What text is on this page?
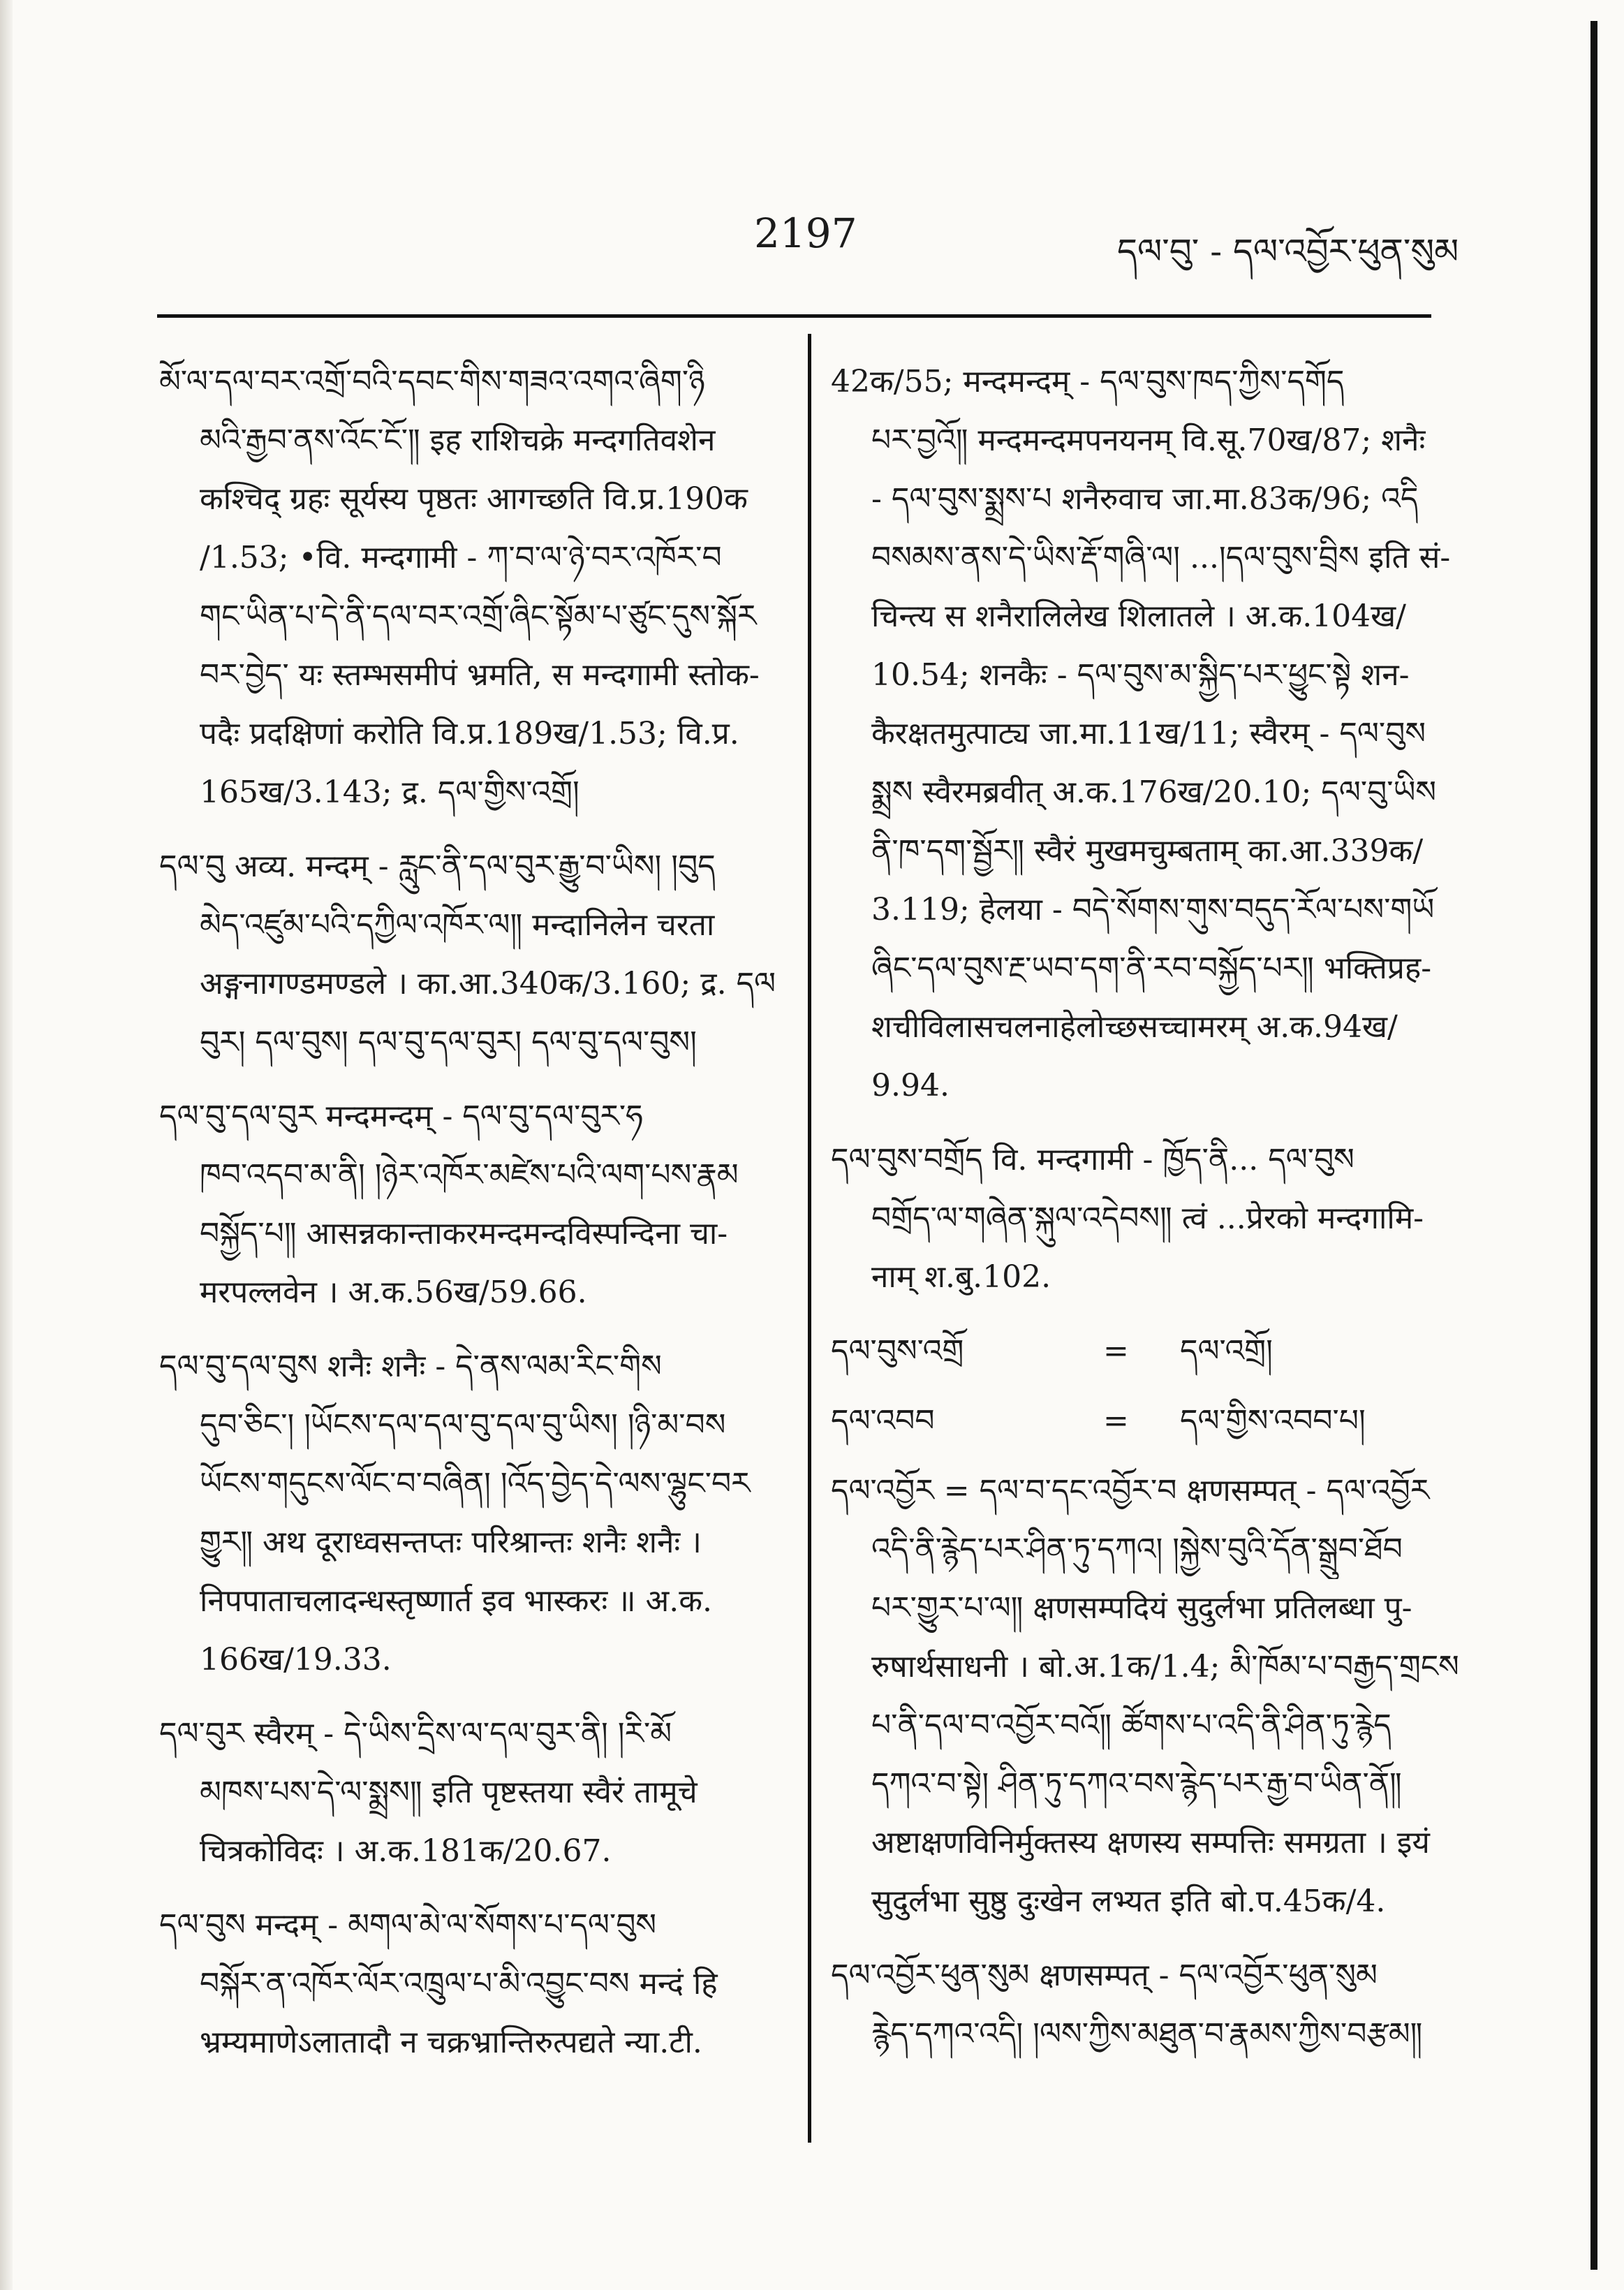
2197	དལ་བུ་ - དལ་འབྱོར་ཕུན་སུམ
མོ་ལ་དལ་བར་འགྲོ་བའི་དབང་གིས་གཟའ་འགའ་ཞིག་ཉི
མའི་རྒྱབ་ནས་འོང་ངོ་༎ इह राशिचक्रे मन्दगतिवशेन
कश्चिद् ग्रहः सूर्यस्य पृष्ठतः आगच्छति वि.प्र.190क
/1.53; •वि. मन्दगामी - ཀ་བ་ལ་ཉེ་བར་འཁོར་བ
གང་ཡིན་པ་དེ་ནི་དལ་བར་འགྲོ་ཞིང་སྟོམ་པ་ཙུང་དུས་སྐོར
བར་བྱེད་ यः स्तम्भसमीपं भ्रमति, स मन्दगामी स्तोक-
पदैः प्रदक्षिणां करोति वि.प्र.189ख/1.53; वि.प्र.
165ख/3.143; द्र. དལ་གྱིས་འགྲོ།
དལ་བུ अव्य. मन्दम् - རླུང་ནི་དལ་བུར་རྒྱུ་བ་ཡིས། །བུད
མེད་འཛུམ་པའི་དཀྱིལ་འཁོར་ལ༎ मन्दानिलेन चरता
अङ्गनागण्डमण्डले । का.आ.340क/3.160; द्र. དལ
བུར། དལ་བུས། དལ་བུ་དལ་བུར། དལ་བུ་དལ་བུས།
དལ་བུ་དལ་བུར मन्दमन्दम् - དལ་བུ་དལ་བུར་ཧ
ཁབ་འདབ་མ་ནི། །ཉེར་འཁོར་མཛེས་པའི་ལག་པས་རྣམ
བསྐྱོད་པ༎ आसन्नकान्ताकरमन्दमन्दविस्पन्दिना चा-
मरपल्लवेन । अ.क.56ख/59.66.
དལ་བུ་དལ་བུས शनैः शनैः - དེ་ནས་ལམ་རིང་གིས
དུབ་ཅིང་། །ཡོངས་དལ་དལ་བུ་དལ་བུ་ཡིས། །ཉི་མ་བས
ཡོངས་གདུངས་ལོང་བ་བཞིན། །འོད་བྱེད་དེ་ལས་ལྷུང་བར
གྱུར༎ अथ दूराध्वसन्तप्तः परिश्रान्तः शनैः शनैः ।
निपपाताचलादन्धस्तृष्णार्त इव भास्करः ॥ अ.क.
166ख/19.33.
དལ་བུར स्वैरम् - དེ་ཡིས་དྲིས་ལ་དལ་བུར་ནི། །རི་མོ
མཁས་པས་དེ་ལ་སྨྲས༎ इति पृष्टस्तया स्वैरं तामूचे
चित्रकोविदः । अ.क.181क/20.67.
དལ་བུས मन्दम् - མགལ་མེ་ལ་སོགས་པ་དལ་བུས
བསྐོར་ན་འཁོར་ལོར་འཁྲུལ་པ་མི་འབྱུང་བས मन्दं हि
भ्रम्यमाणेऽलातादौ न चक्रभ्रान्तिरुत्पद्यते न्या.टी.
42क/55; मन्दमन्दम् - དལ་བུས་ཁད་ཀྱིས་དགོད
པར་བྱའོ༎ मन्दमन्दमपनयनम् वि.सू.70ख/87; शनैः
- དལ་བུས་སྨྲས་པ शनैरुवाच जा.मा.83क/96; འདི
བསམས་ནས་དེ་ཡིས་རྡོ་གཞི་ལ། ...།དལ་བུས་བྲིས इति सं-
चिन्त्य स शनैरालिलेख शिलातले । अ.क.104ख/
10.54; शनकैः - དལ་བུས་མ་སྐྱིད་པར་ཕྱུང་སྟེ शन-
कैरक्षतमुत्पाट्य जा.मा.11ख/11; स्वैरम् - དལ་བུས
སྨྲས स्वैरमब्रवीत् अ.क.176ख/20.10; དལ་བུ་ཡིས
ནི་ཁ་དག་སྦྱོར༎ स्वैरं मुखमचुम्बताम् का.आ.339क/
3.119; हेलया - བདེ་སོགས་གུས་བདུད་རོལ་པས་གཡོ
ཞིང་དལ་བུས་རྔ་ཡབ་དག་ནི་རབ་བསྐྱོད་པར༎ भक्तिप्रह-
शचीविलासचलनाहेलोच्छसच्चामरम् अ.क.94ख/
9.94.
དལ་བུས་བགྲོད वि. मन्दगामी - ཁྱོད་ནི... དལ་བུས
བགྲོད་ལ་གཞེན་སྐུལ་འདེབས༎ त्वं ...प्रेरको मन्दगामि-
नाम् श.बु.102.
དལ་བུས་འགྲོ	=	དལ་འགྲོ།
དལ་འབབ	=	དལ་གྱིས་འབབ་པ།
དལ་འབྱོར = དལ་བ་དང་འབྱོར་བ क्षणसम्पत् - དལ་འབྱོར
འདི་ནི་རྙེད་པར་ཤིན་ཏུ་དཀའ། །སྐྱེས་བུའི་དོན་སྒྲུབ་ཐོབ
པར་གྱུར་པ་ལ༎ क्षणसम्पदियं सुदुर्लभा प्रतिलब्धा पु-
रुषार्थसाधनी । बो.अ.1क/1.4; མི་ཁོམ་པ་བརྒྱད་གྲངས
པ་ནི་དལ་བ་འབྱོར་བའོ༎ ཚོགས་པ་འདི་ནི་ཤིན་ཏུ་རྙེད
དཀའ་བ་སྟེ། ཤིན་ཏུ་དཀའ་བས་རྙེད་པར་རྒྱ་བ་ཡིན་ནོ༎
अष्टाक्षणविनिर्मुक्तस्य क्षणस्य सम्पत्तिः समग्रता । इयं
सुदुर्लभा सुष्ठु दुःखेन लभ्यत इति बो.प.45क/4.
དལ་འབྱོར་ཕུན་སུམ क्षणसम्पत् - དལ་འབྱོར་ཕུན་སུམ
རྙེད་དཀའ་འདི། །ལས་ཀྱིས་མཐུན་བ་རྣམས་ཀྱིས་བརྩམ༎
